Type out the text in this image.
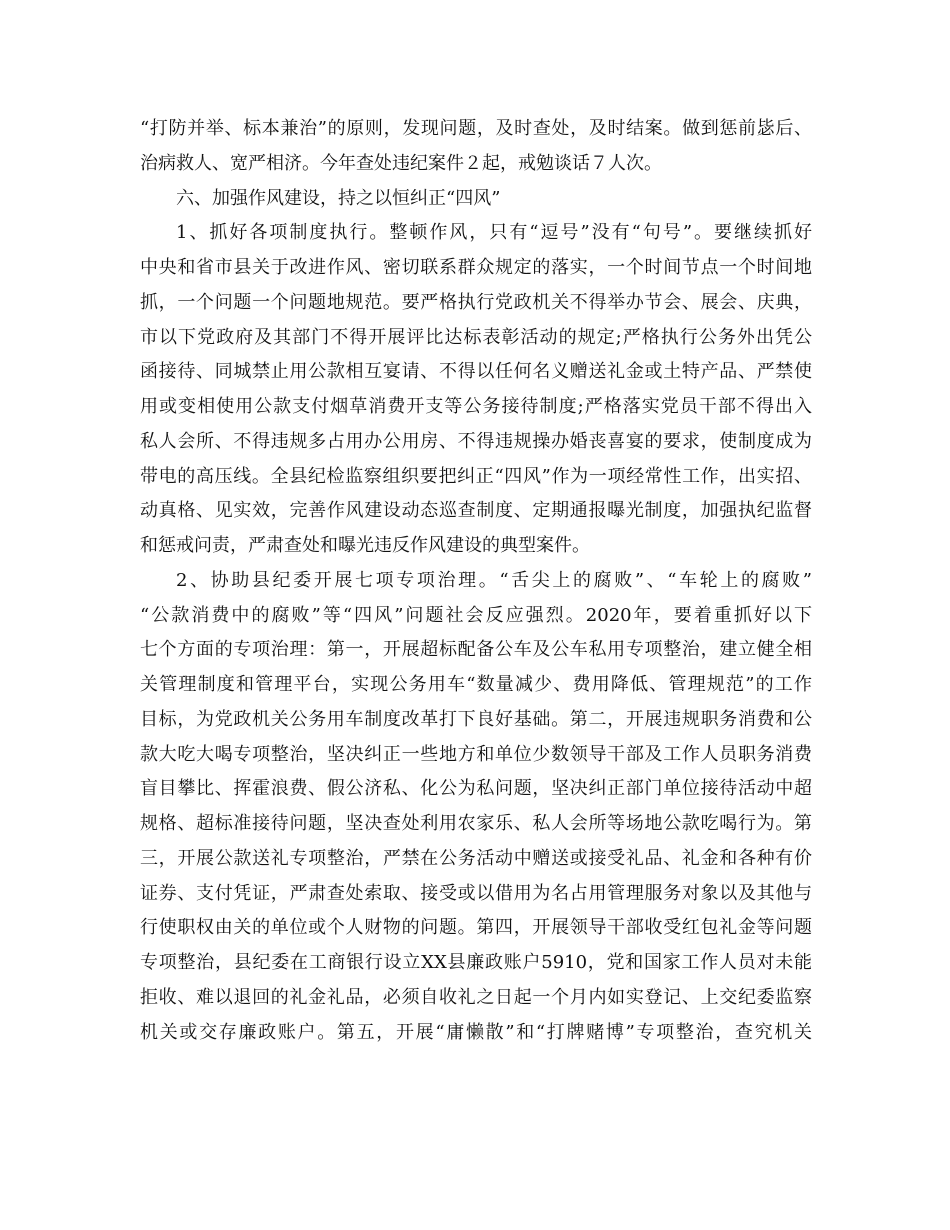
“打防并举、标本兼治”的原则，发现问题，及时查处，及时结案。做到惩前毖后、
治病救人、宽严相济。今年查处违纪案件２起，戒勉谈话７人次。
六、加强作风建设，持之以恒纠正“四风”
1、抓好各项制度执行。整顿作风，只有“逗号”没有“句号”。要继续抓好
中央和省市县关于改进作风、密切联系群众规定的落实，一个时间节点一个时间地
抓，一个问题一个问题地规范。要严格执行党政机关不得举办节会、展会、庆典，
市以下党政府及其部门不得开展评比达标表彰活动的规定;严格执行公务外出凭公
函接待、同城禁止用公款相互宴请、不得以任何名义赠送礼金或土特产品、严禁使
用或变相使用公款支付烟草消费开支等公务接待制度;严格落实党员干部不得出入
私人会所、不得违规多占用办公用房、不得违规操办婚丧喜宴的要求，使制度成为
带电的高压线。全县纪检监察组织要把纠正“四风”作为一项经常性工作，出实招、
动真格、见实效，完善作风建设动态巡查制度、定期通报曝光制度，加强执纪监督
和惩戒问责，严肃查处和曝光违反作风建设的典型案件。
2、协助县纪委开展七项专项治理。“舌尖上的腐败”、“车轮上的腐败”
“公款消费中的腐败”等“四风”问题社会反应强烈。2020年，要着重抓好以下
七个方面的专项治理：第一，开展超标配备公车及公车私用专项整治，建立健全相
关管理制度和管理平台，实现公务用车“数量减少、费用降低、管理规范”的工作
目标，为党政机关公务用车制度改革打下良好基础。第二，开展违规职务消费和公
款大吃大喝专项整治，坚决纠正一些地方和单位少数领导干部及工作人员职务消费
盲目攀比、挥霍浪费、假公济私、化公为私问题，坚决纠正部门单位接待活动中超
规格、超标准接待问题，坚决查处利用农家乐、私人会所等场地公款吃喝行为。第
三，开展公款送礼专项整治，严禁在公务活动中赠送或接受礼品、礼金和各种有价
证券、支付凭证，严肃查处索取、接受或以借用为名占用管理服务对象以及其他与
行使职权由关的单位或个人财物的问题。第四，开展领导干部收受红包礼金等问题
专项整治，县纪委在工商银行设立XX县廉政账户5910，党和国家工作人员对未能
拒收、难以退回的礼金礼品，必须自收礼之日起一个月内如实登记、上交纪委监察
机关或交存廉政账户。第五，开展“庸懒散”和“打牌赌博”专项整治，查究机关
